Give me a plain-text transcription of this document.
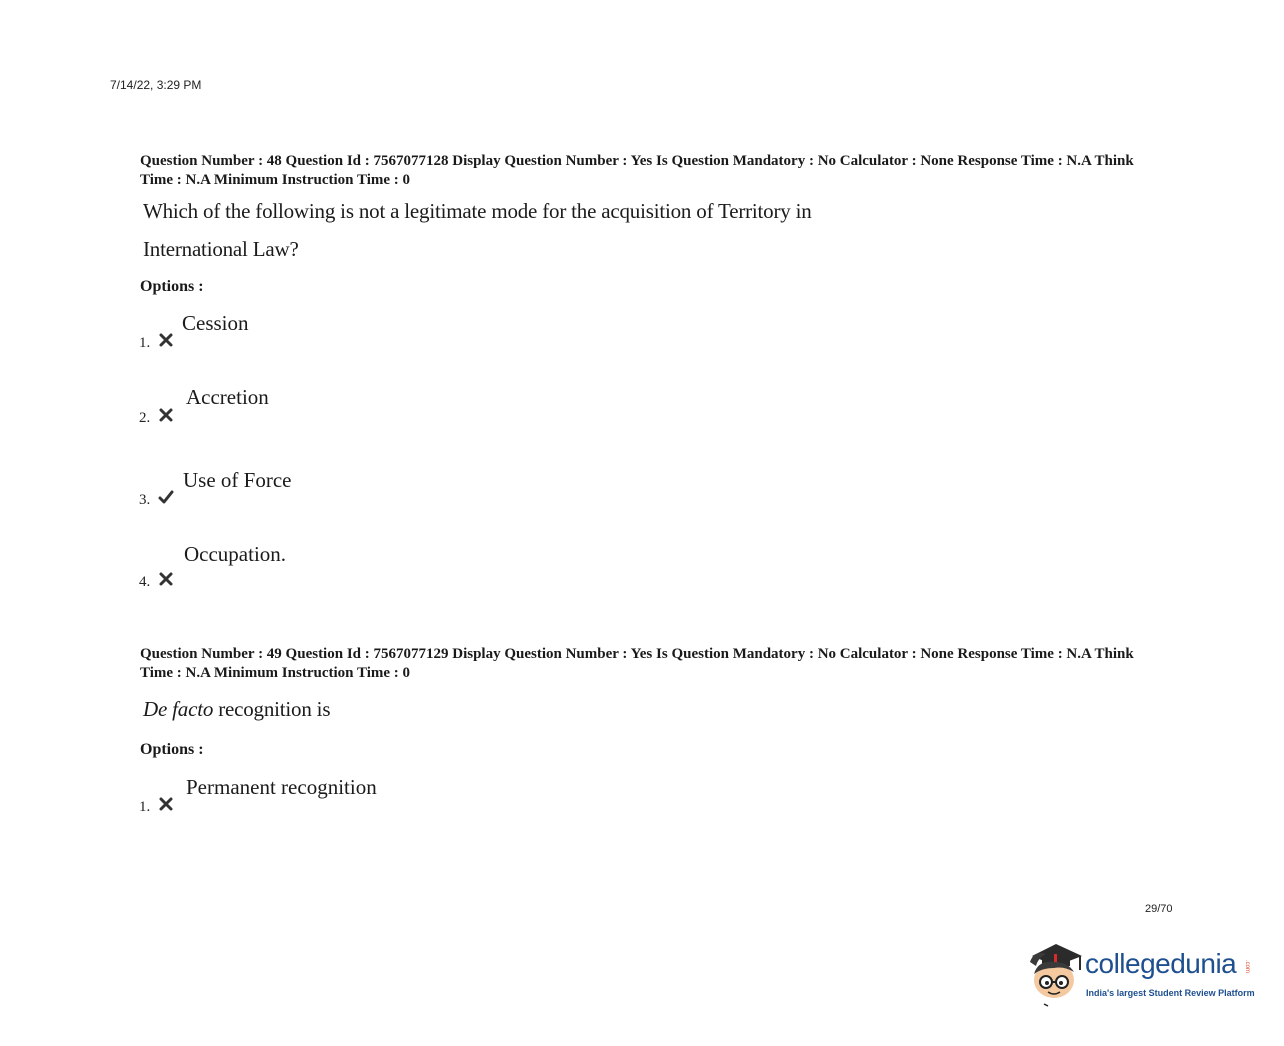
7/14/22, 3:29 PM
Question Number : 48 Question Id : 7567077128 Display Question Number : Yes Is Question Mandatory : No Calculator : None Response Time : N.A Think Time : N.A Minimum Instruction Time : 0
Which of the following is not a legitimate mode for the acquisition of Territory in
International Law?
Options :
1.
Cession
2.
Accretion
3.
Use of Force
4.
Occupation.
Question Number : 49 Question Id : 7567077129 Display Question Number : Yes Is Question Mandatory : No Calculator : None Response Time : N.A Think Time : N.A Minimum Instruction Time : 0
De facto recognition is
Options :
1.
Permanent recognition
29/70
collegedunia .com
India's largest Student Review Platform
